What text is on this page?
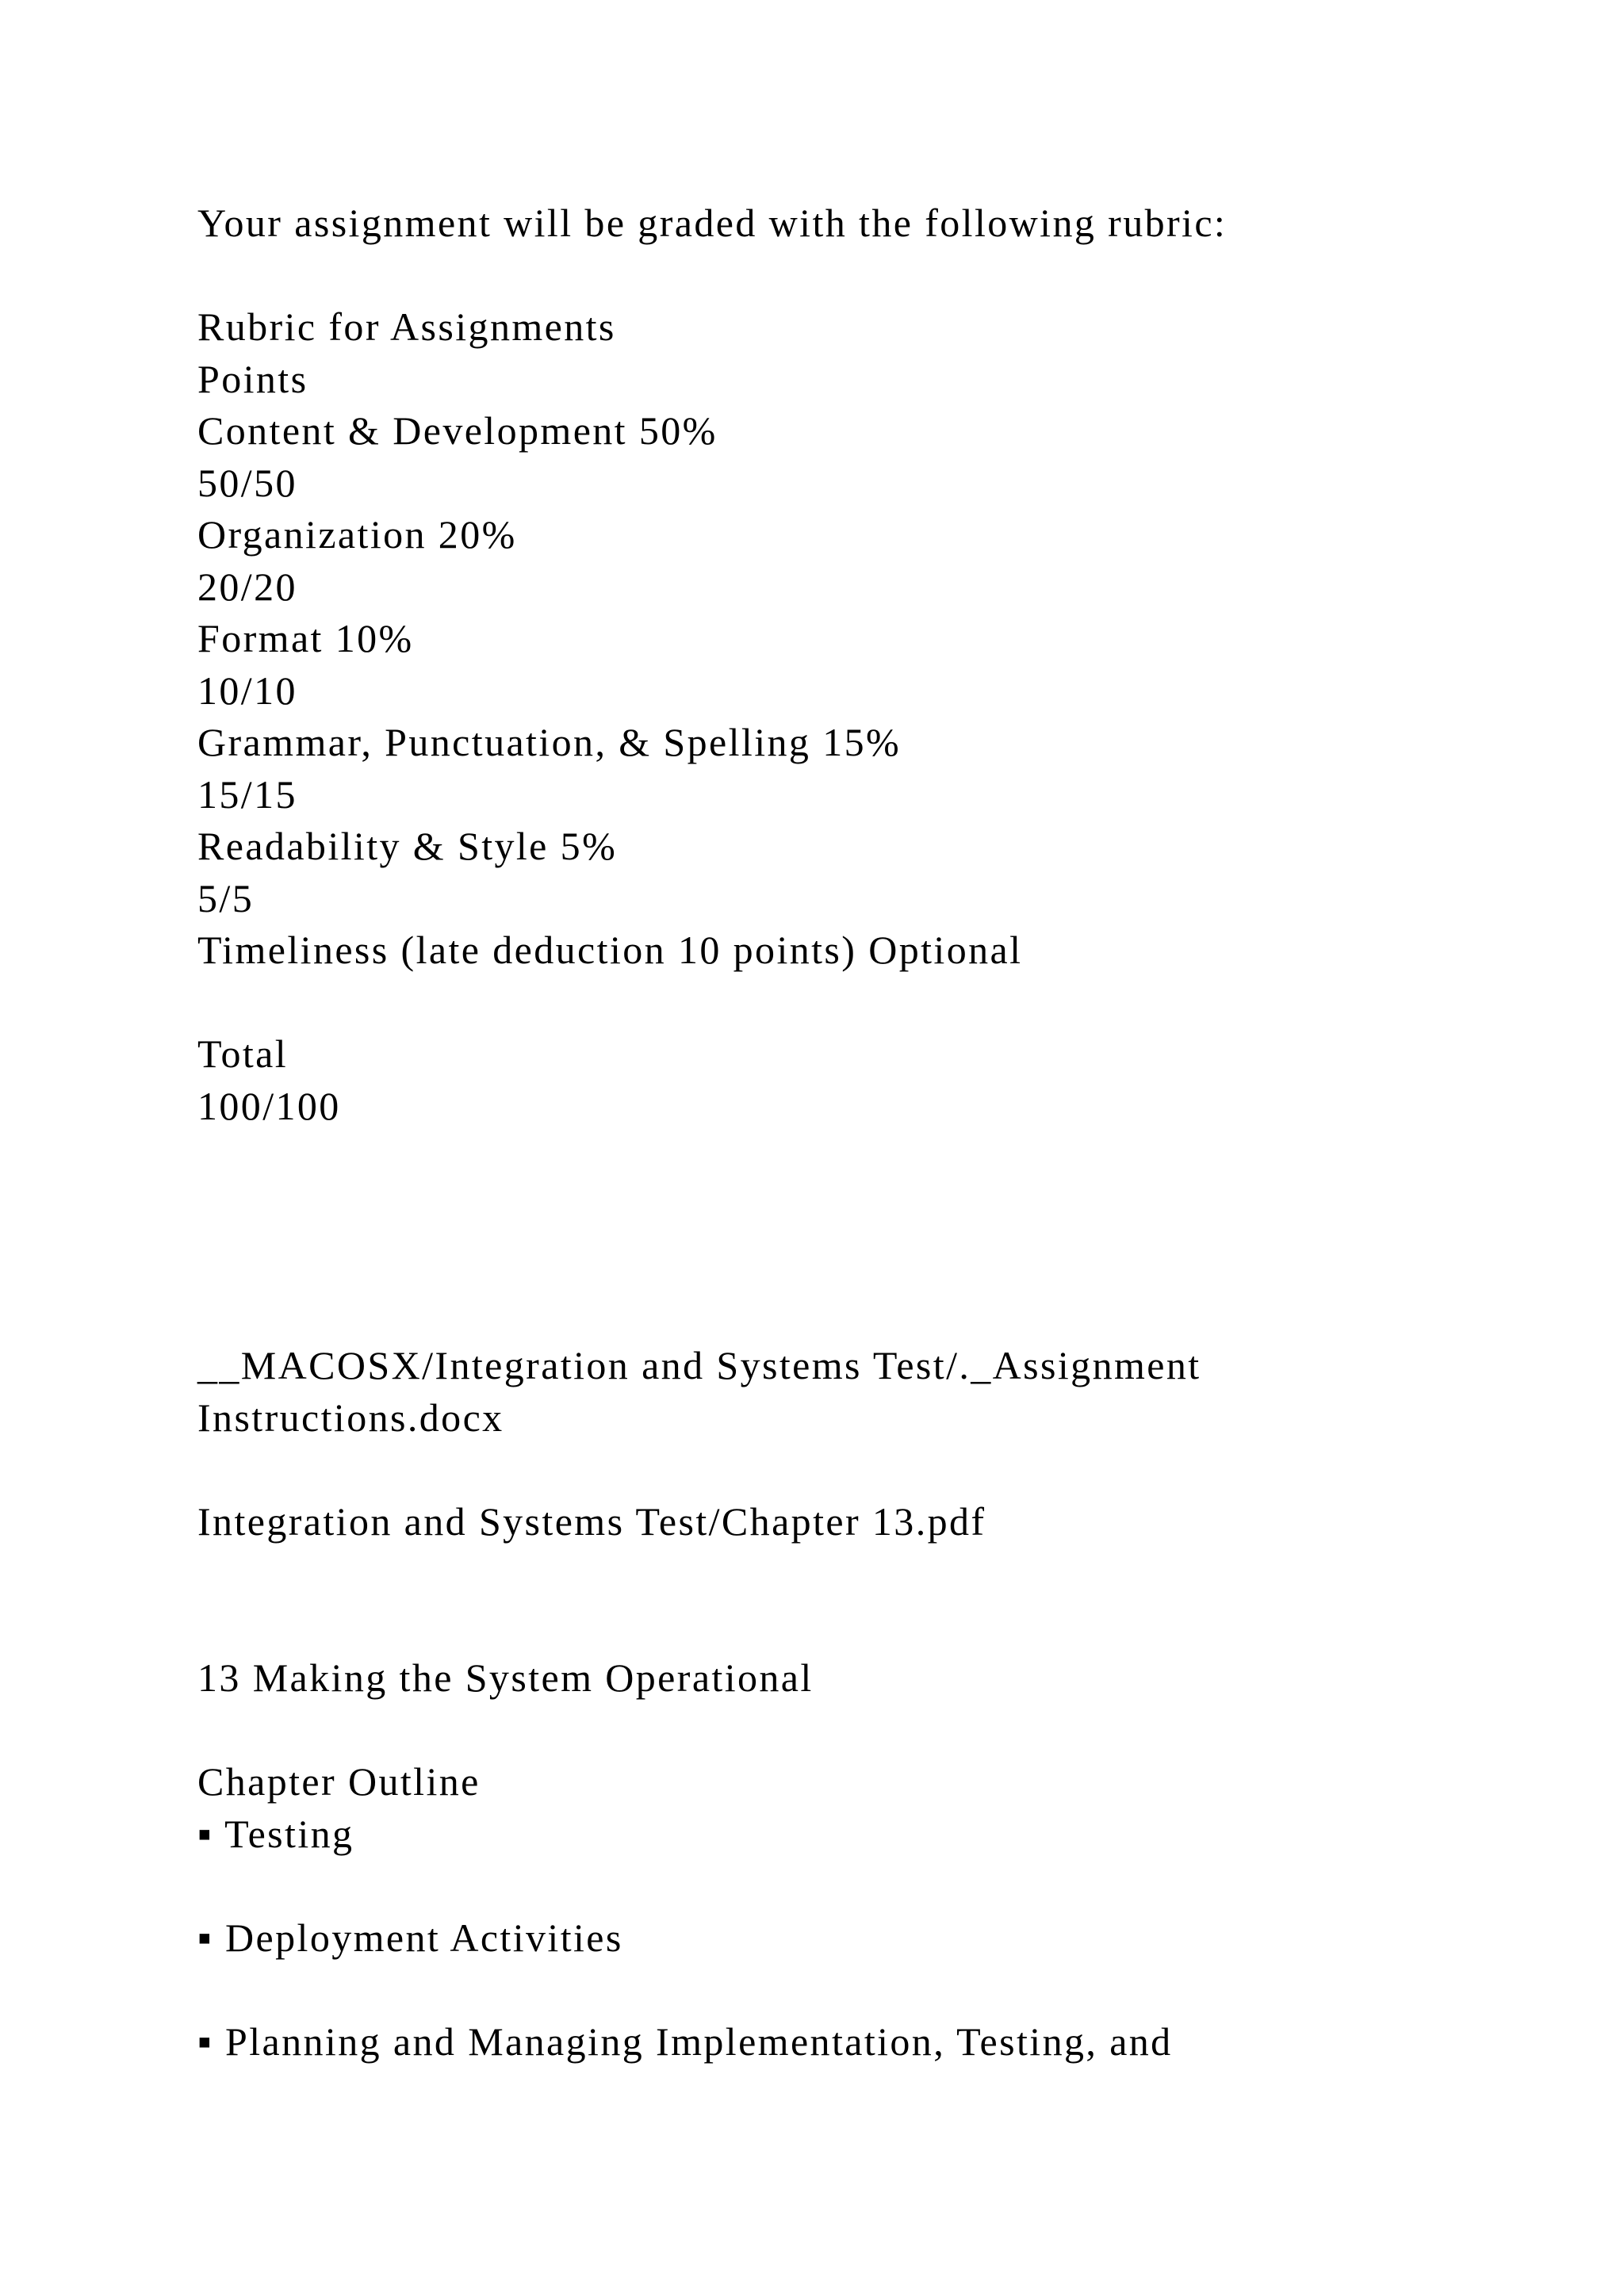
Your assignment will be graded with the following rubric:

Rubric for Assignments

Points

Content & Development 50%

50/50

Organization 20%

20/20

Format 10%

10/10

Grammar, Punctuation, & Spelling 15%

15/15

Readability & Style 5%

5/5

Timeliness (late deduction 10 points) Optional

Total

100/100

__MACOSX/Integration and Systems Test/._Assignment

Instructions.docx

Integration and Systems Test/Chapter 13.pdf

13 Making the System Operational

Chapter Outline

▪ Testing

▪ Deployment Activities

▪ Planning and Managing Implementation, Testing, and
